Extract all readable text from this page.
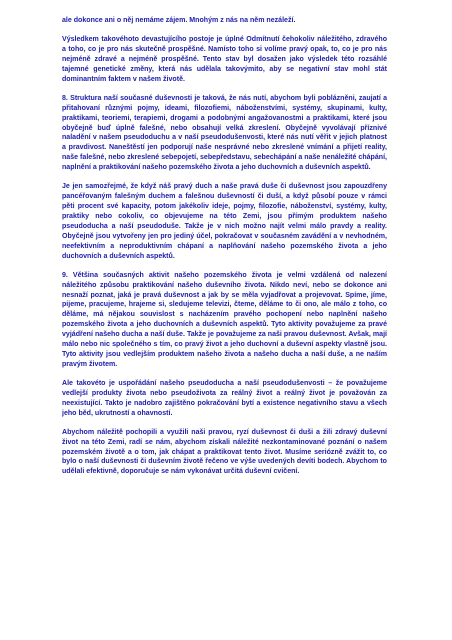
ale dokonce ani o něj nemáme zájem. Mnohým z nás na něm nezáleží.

Výsledkem takovéhoto devastujícího postoje je úplné Odmítnutí čehokoliv náležitého, zdravého a toho, co je pro nás skutečně prospěšné. Namísto toho si volíme pravý opak, to, co je pro nás nejméně zdravé a nejméně prospěšné. Tento stav byl dosažen jako výsledek této rozsáhlé tajemné genetické změny, která nás udělala takovýmito, aby se negativní stav mohl stát dominantním faktem v našem životě.

8. Struktura naší současné duševnosti je taková, že nás nutí, abychom byli poblázněni, zaujatí a přitahovaní různými pojmy, ideami, filozofiemi, náboženstvími, systémy, skupinami, kulty, praktikami, teoriemi, terapiemi, drogami a podobnými angažovanostmi a praktikami, které jsou obyčejně buď úplně falešné, nebo obsahují velká zkreslení. Obyčejně vyvolávají příznivé naladění v našem pseudoduchu a v naší pseudodušenvosti, které nás nutí věřit v jejich platnost a pravdivost. Naneštěstí jen podporují naše nesprávné nebo zkreslené vnímání a přijetí reality, naše falešné, nebo zkreslené sebepojetí, sebepředstavu, sebechápání a naše nenáležité chápání, naplnění a praktikování našeho pozemského života a jeho duchovních a duševních aspektů.

Je jen samozřejmé, že když náš pravý duch a naše pravá duše či duševnost jsou zapouzdřeny pancéřovaným falešným duchem a falešnou duševností či duší, a když působí pouze v rámci pěti procent své kapacity, potom jakékoliv ideje, pojmy, filozofie, náboženství, systémy, kulty, praktiky nebo cokoliv, co objevujeme na této Zemi, jsou přímým produktem našeho pseudoducha a naší pseudoduše. Takže je v nich možno najít velmi málo pravdy a reality. Obyčejně jsou vytvořeny jen pro jediný účel, pokračovat v současném zavádění a v nevhodném, neefektivním a neproduktivním chápaní a naplňování našeho pozemského života a jeho duchovních a duševních aspektů.

9. Většina současných aktivit našeho pozemského života je velmi vzdálená od nalezení náležitého způsobu praktikování našeho duševního života. Nikdo neví, nebo se dokonce ani nesnaží poznat, jaká je pravá duševnost a jak by se měla vyjadřovat a projevovat. Spíme, jíme, pijeme, pracujeme, hrajeme si, sledujeme televizi, čteme, děláme to či ono, ale málo z toho, co děláme, má nějakou souvislost s nacházením pravého pochopení nebo naplnění našeho pozemského života a jeho duchovních a duševních aspektů. Tyto aktivity považujeme za pravé vyjádření našeho ducha a naší duše. Takže je považujeme za naši pravou duševnost. Avšak, mají málo nebo nic společného s tím, co pravý život a jeho duchovní a duševní aspekty vlastně jsou. Tyto aktivity jsou vedlejším produktem našeho života a našeho ducha a naší duše, a ne naším pravým životem.

Ale takovéto je uspořádání našeho pseudoducha a naší pseudodušenvosti – že považujeme vedlejší produkty života nebo pseudoživota za reálný život a reálný život je považován za neexistující. Takto je nadobro zajištěno pokračování bytí a existence negativního stavu a všech jeho běd, ukrutností a ohavností.

Abychom náležitě pochopili a využili naši pravou, ryzí duševnost či duši a žili zdravý duševní život na této Zemi, radí se nám, abychom získali náležité nezkontaminované poznání o našem pozemském životě a o tom, jak chápat a praktikovat tento život. Musíme seriózně zvážit to, co bylo o naší duševnosti či duševním životě řečeno ve výše uvedených devíti bodech. Abychom to udělali efektivně, doporučuje se nám vykonávat určitá duševní cvičení.
